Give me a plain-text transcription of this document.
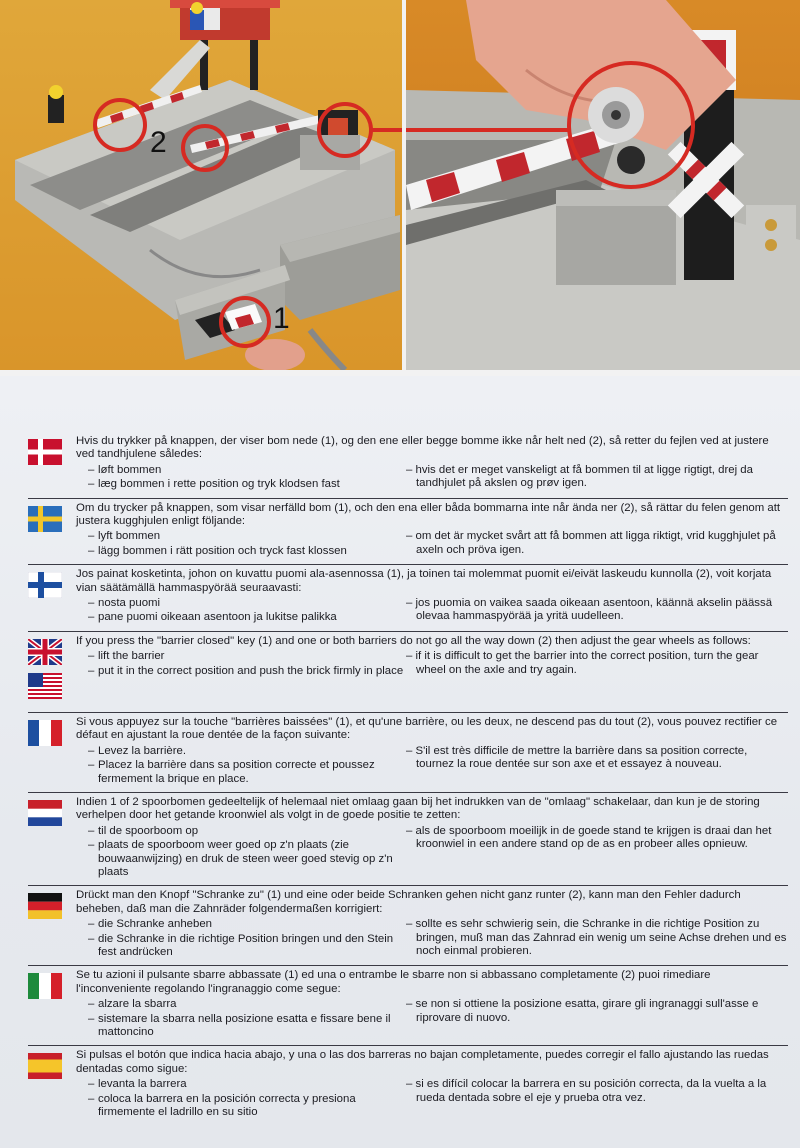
2
1
Hvis du trykker på knappen, der viser bom nede (1), og den ene eller begge bomme ikke når helt ned (2), så retter du fejlen ved at justere ved tandhjulene således:
– løft bommen
– læg bommen i rette position og tryk klodsen fast
– hvis det er meget vanskeligt at få bommen til at ligge rigtigt, drej da tandhjulet på akslen og prøv igen.
Om du trycker på knappen, som visar nerfälld bom (1), och den ena eller båda bommarna inte når ända ner (2), så rättar du felen genom att justera kugghjulen enligt följande:
– lyft bommen
– lägg bommen i rätt position och tryck fast klossen
– om det är mycket svårt att få bommen att ligga riktigt, vrid kugghjulet på axeln och pröva igen.
Jos painat kosketinta, johon on kuvattu puomi ala-asennossa (1), ja toinen tai molemmat puomit ei/eivät laskeudu kunnolla (2), voit korjata vian säätämällä hammaspyörää seuraavasti:
– nosta puomi
– pane puomi oikeaan asentoon ja lukitse palikka
– jos puomia on vaikea saada oikeaan asentoon, käännä akselin päässä olevaa hammaspyörää ja yritä uudelleen.
If you press the "barrier closed" key (1) and one or both barriers do not go all the way down (2) then adjust the gear wheels as follows:
– lift the barrier
– put it in the correct position and push the brick firmly in place
– if it is difficult to get the barrier into the correct position, turn the gear wheel on the axle and try again.
Si vous appuyez sur la touche "barrières baissées" (1), et qu'une barrière, ou les deux, ne descend pas du tout (2), vous pouvez rectifier ce défaut en ajustant la roue dentée de la façon suivante:
– Levez la barrière.
– Placez la barrière dans sa position correcte et poussez fermement la brique en place.
– S'il est très difficile de mettre la barrière dans sa position correcte, tournez la roue dentée sur son axe et et essayez à nouveau.
Indien 1 of 2 spoorbomen gedeeltelijk of helemaal niet omlaag gaan bij het indrukken van de "omlaag" schakelaar, dan kun je de storing verhelpen door het getande kroonwiel als volgt in de goede positie te zetten:
– til de spoorboom op
– plaats de spoorboom weer goed op z'n plaats (zie bouwaanwijzing) en druk de steen weer goed stevig op z'n plaats
– als de spoorboom moeilijk in de goede stand te krijgen is draai dan het kroonwiel in een andere stand op de as en probeer alles opnieuw.
Drückt man den Knopf "Schranke zu" (1) und eine oder beide Schranken gehen nicht ganz runter (2), kann man den Fehler dadurch beheben, daß man die Zahnräder folgendermaßen korrigiert:
– die Schranke anheben
– die Schranke in die richtige Position bringen und den Stein fest andrücken
– sollte es sehr schwierig sein, die Schranke in die richtige Position zu bringen, muß man das Zahnrad ein wenig um seine Achse drehen und es noch einmal probieren.
Se tu azioni il pulsante sbarre abbassate (1) ed una o entrambe le sbarre non si abbassano completamente (2) puoi rimediare l'inconveniente regolando l'ingranaggio come segue:
– alzare la sbarra
– sistemare la sbarra nella posizione esatta e fissare bene il mattoncino
– se non si ottiene la posizione esatta, girare gli ingranaggi sull'asse e riprovare di nuovo.
Si pulsas el botón que indica hacia abajo, y una o las dos barreras no bajan completamente, puedes corregir el fallo ajustando las ruedas dentadas como sigue:
– levanta la barrera
– coloca la barrera en la posición correcta y presiona firmemente el ladrillo en su sitio
– si es difícil colocar la barrera en su posición correcta, da la vuelta a la rueda dentada sobre el eje y prueba otra vez.
